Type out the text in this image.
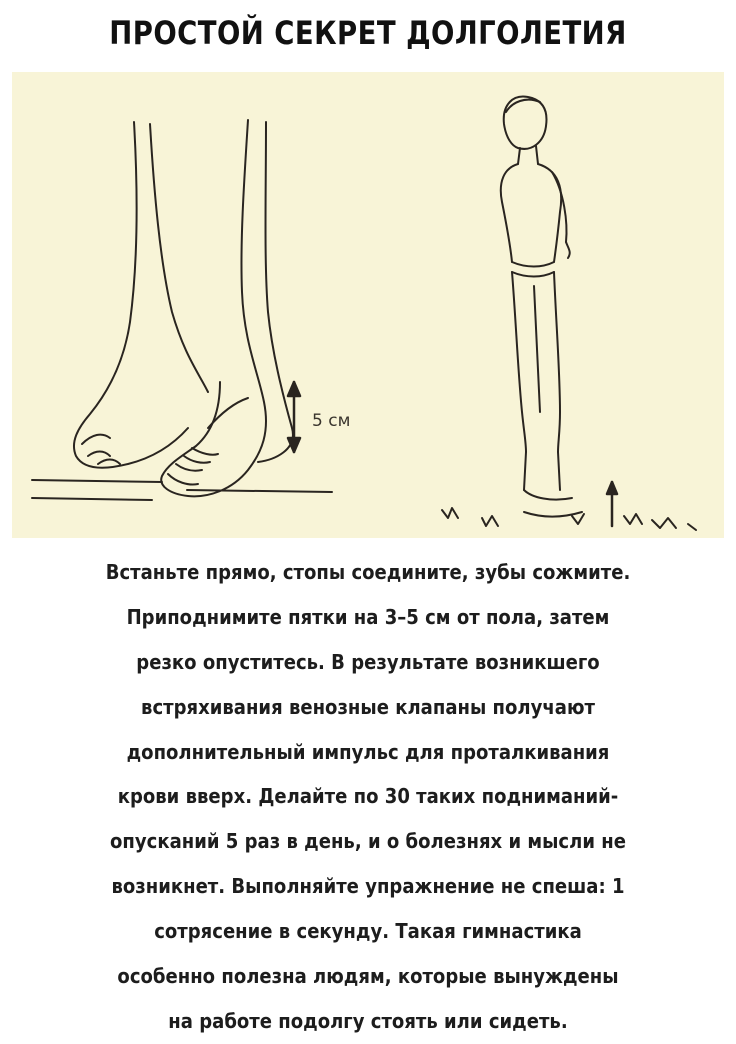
ПРОСТОЙ СЕКРЕТ ДОЛГОЛЕТИЯ
5 см
Встаньте прямо, стопы соедините, зубы сожмите.
Приподнимите пятки на 3–5 см от пола, затем
резко опуститесь. В результате возникшего
встряхивания венозные клапаны получают
дополнительный импульс для проталкивания
крови вверх. Делайте по 30 таких подниманий-
опусканий 5 раз в день, и о болезнях и мысли не
возникнет. Выполняйте упражнение не спеша: 1
сотрясение в секунду. Такая гимнастика
особенно полезна людям, которые вынуждены
на работе подолгу стоять или сидеть.
